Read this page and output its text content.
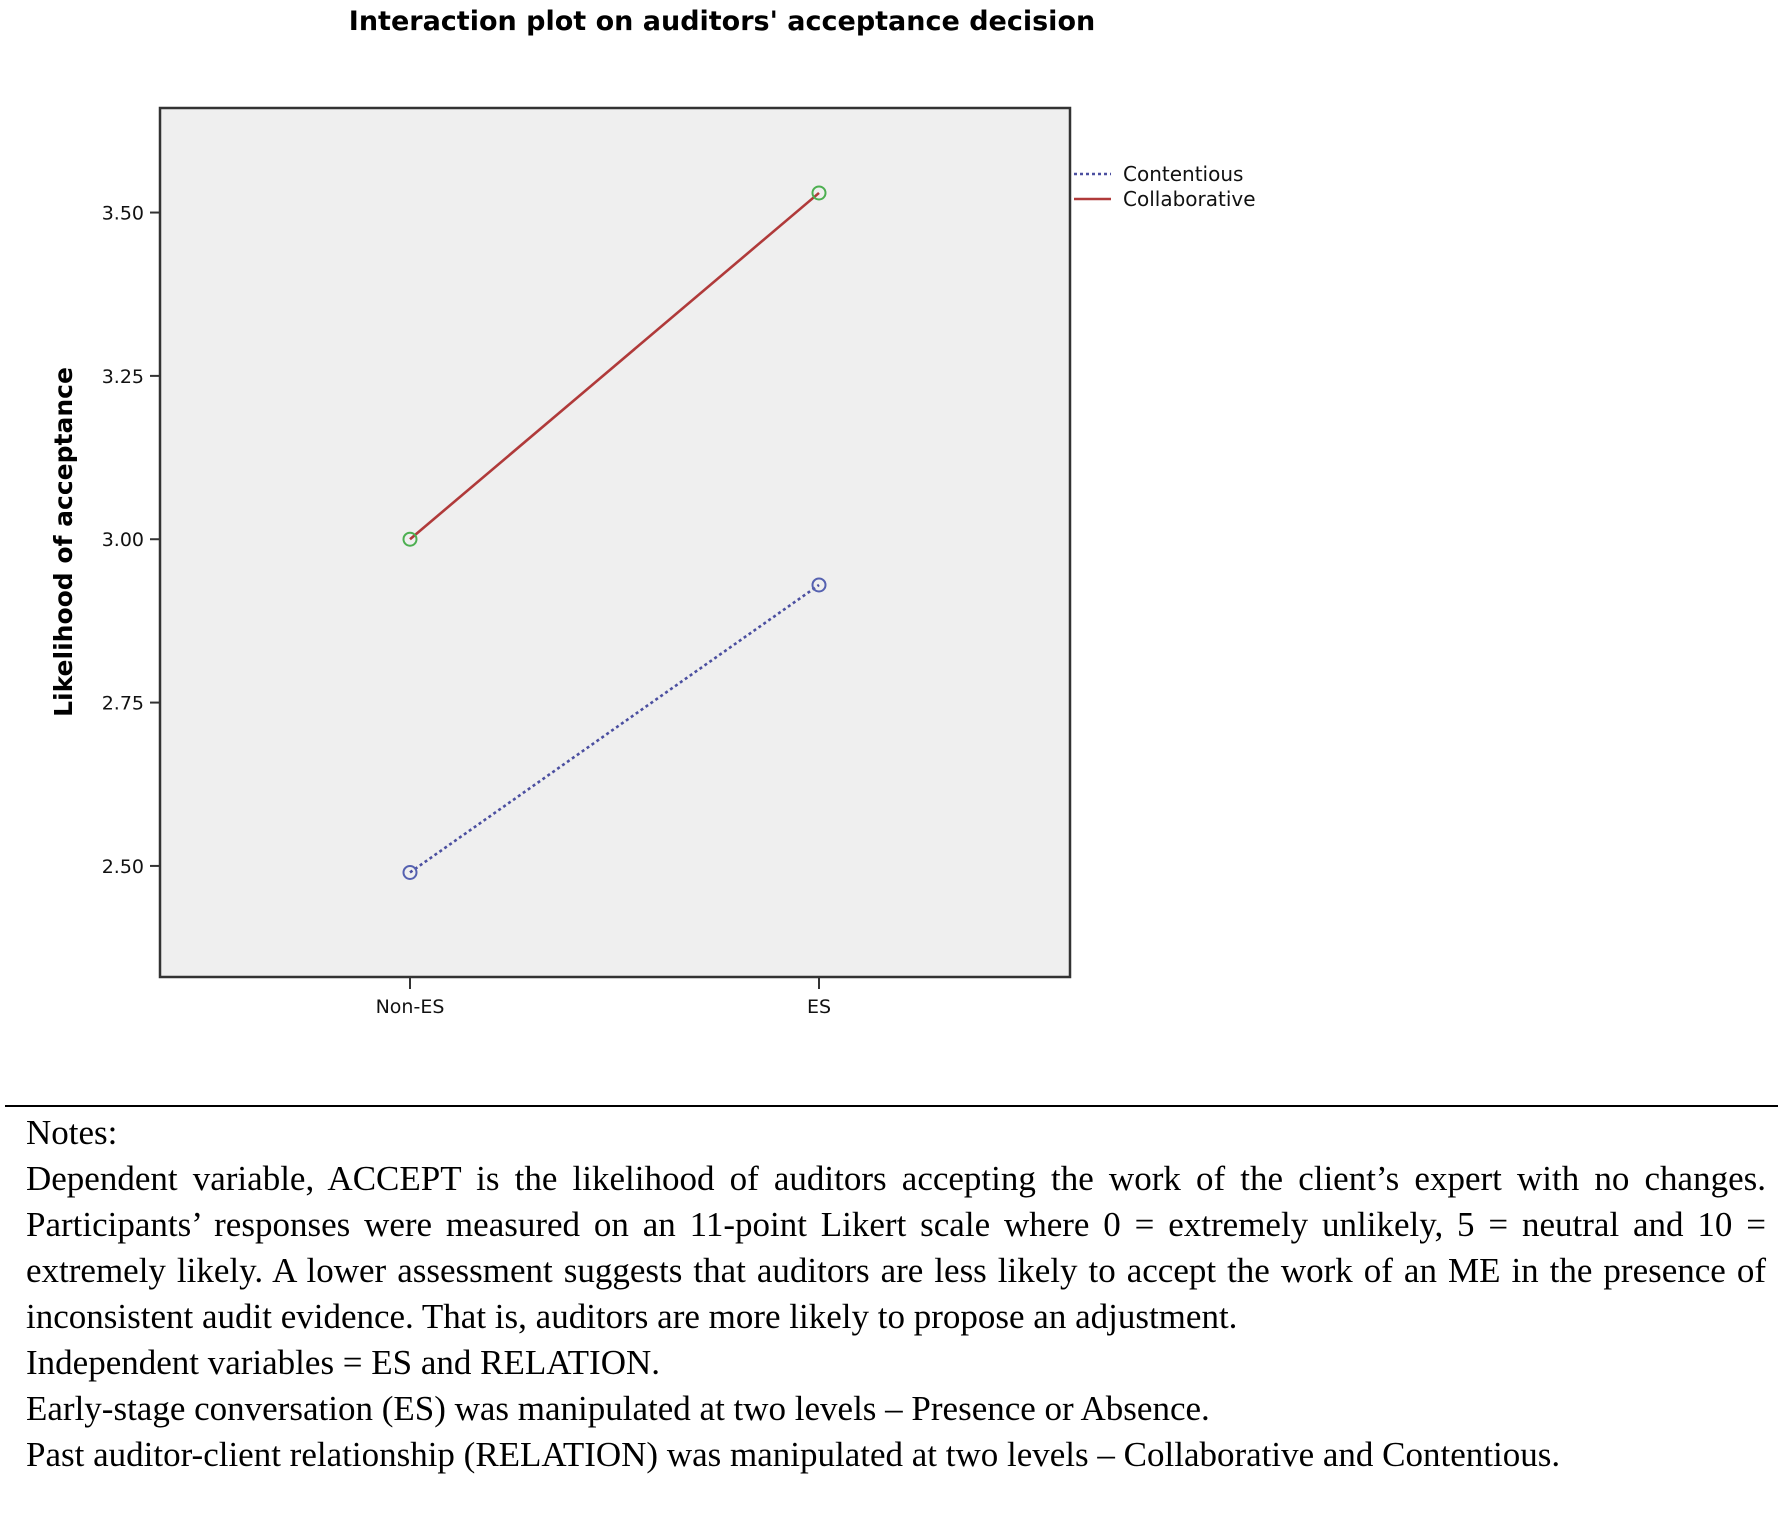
Interaction plot on auditors' acceptance decision
2.50
2.75
3.00
3.25
3.50
Non-ES	ES
Likelihood of acceptance
Contentious
Collaborative

Notes:

Dependent variable, ACCEPT is the likelihood of auditors accepting the work of the client’s expert with no changes. Participants’ responses were measured on an 11-point Likert scale where 0 = extremely unlikely, 5 = neutral and 10 = extremely likely. A lower assessment suggests that auditors are less likely to accept the work of an ME in the presence of inconsistent audit evidence. That is, auditors are more likely to propose an adjustment.

Independent variables = ES and RELATION.

Early-stage conversation (ES) was manipulated at two levels – Presence or Absence.

Past auditor-client relationship (RELATION) was manipulated at two levels – Collaborative and Contentious.
